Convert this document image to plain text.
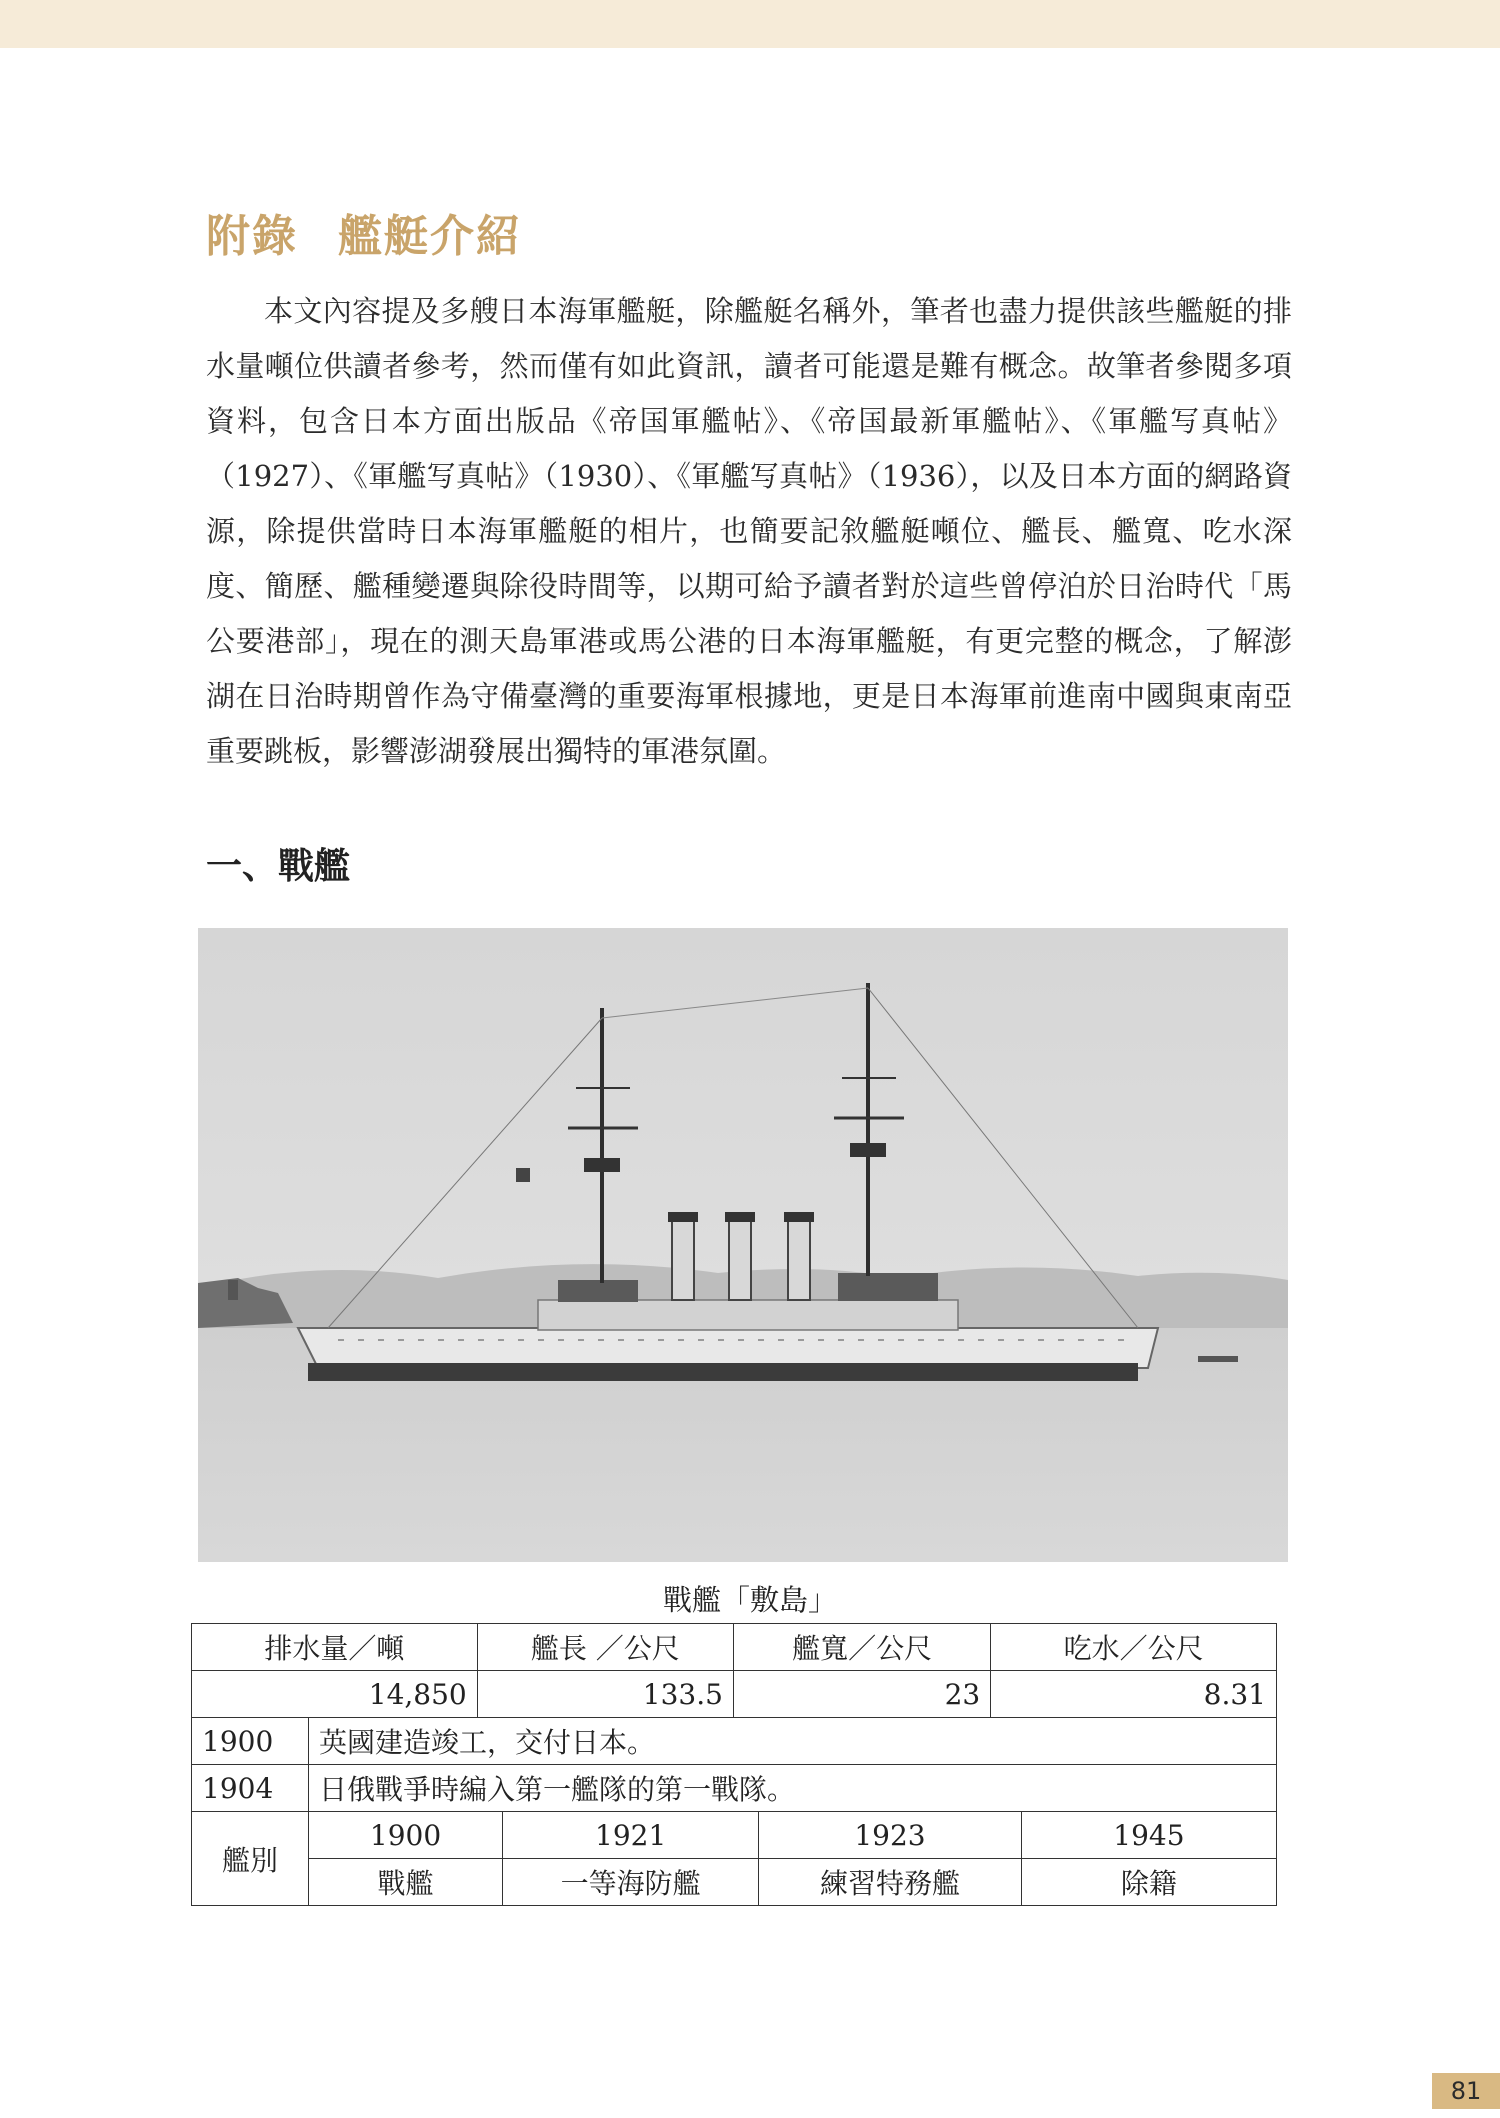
附錄 艦艇介紹

本文內容提及多艘日本海軍艦艇，除艦艇名稱外，筆者也盡力提供該些艦艇的排水量噸位供讀者參考，然而僅有如此資訊，讀者可能還是難有概念。故筆者參閱多項資料，包含日本方面出版品《帝国軍艦帖》、《帝国最新軍艦帖》、《軍艦写真帖》（1927）、《軍艦写真帖》（1930）、《軍艦写真帖》（1936），以及日本方面的網路資源，除提供當時日本海軍艦艇的相片，也簡要記敘艦艇噸位、艦長、艦寬、吃水深度、簡歷、艦種變遷與除役時間等，以期可給予讀者對於這些曾停泊於日治時代「馬公要港部」，現在的測天島軍港或馬公港的日本海軍艦艇，有更完整的概念，了解澎湖在日治時期曾作為守備臺灣的重要海軍根據地，更是日本海軍前進南中國與東南亞重要跳板，影響澎湖發展出獨特的軍港氛圍。

一、戰艦
戰艦「敷島」
排水量／噸		艦長 ／公尺		艦寬／公尺		吃水／公尺	
14,850		133.5		23		8.31	
1900	英國建造竣工，交付日本。						
1904	日俄戰爭時編入第一艦隊的第一戰隊。						
艦別	1900		1921		1923		1945
	戰艦		一等海防艦		練習特務艦		除籍
81
